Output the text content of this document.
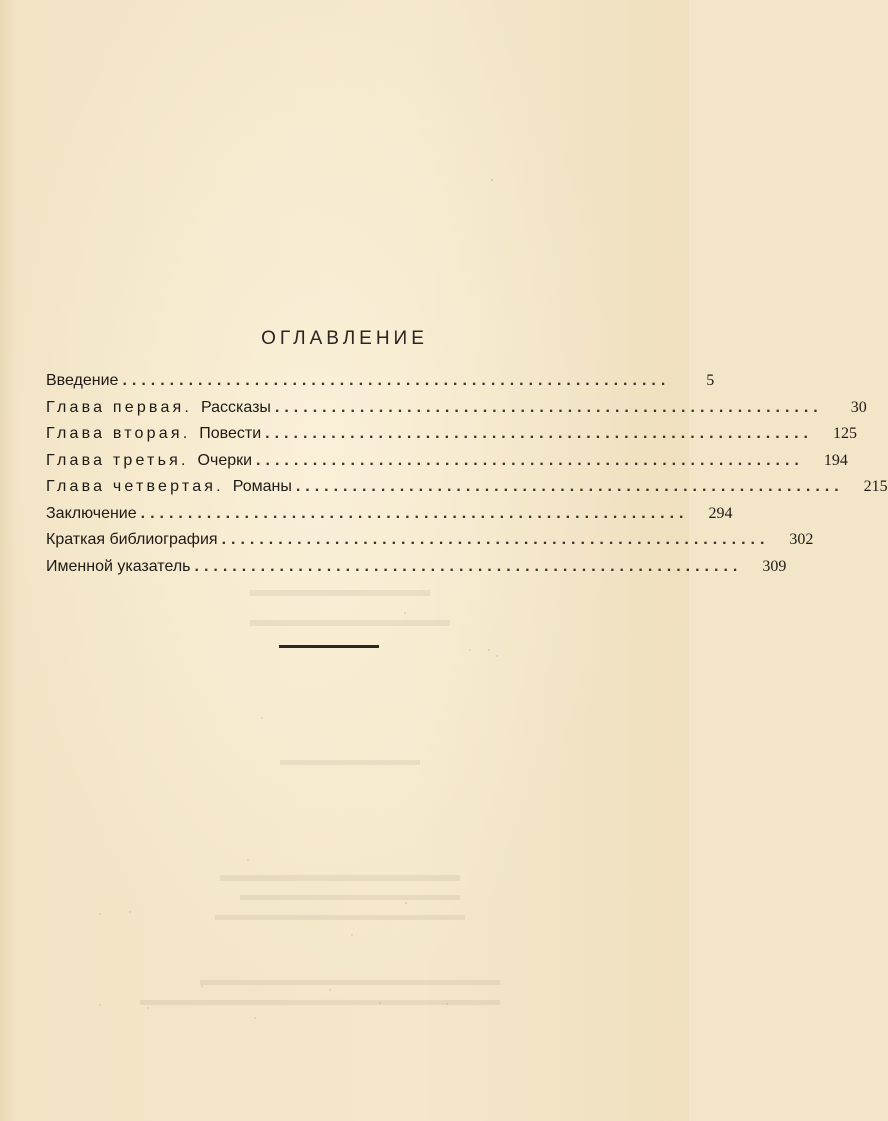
ОГЛАВЛЕНИЕ
Введение ..........................................................	5
Глава первая. Рассказы ..........................................................	30
Глава вторая. Повести ..........................................................	125
Глава третья. Очерки ..........................................................	194
Глава четвертая. Романы ..........................................................	215
Заключение ..........................................................	294
Краткая библиография ..........................................................	302
Именной указатель ..........................................................	309
